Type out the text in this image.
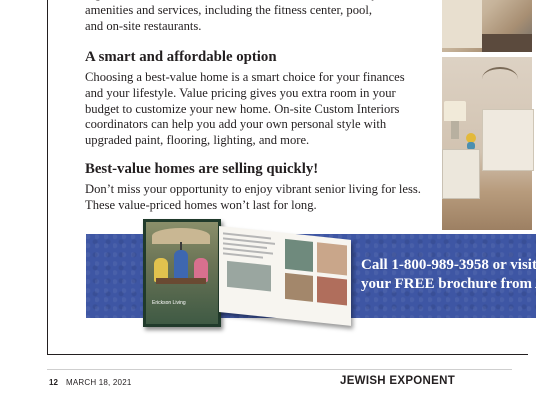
amenities and services, including the fitness center, pool,
and on-site restaurants.

A smart and affordable option

Choosing a best-value home is a smart choice for your finances and your lifestyle. Value pricing gives you extra room in your budget to customize your new home. On-site Custom Interiors coordinators can help you add your own personal style with upgraded paint, flooring, lighting, and more.

Best-value homes are selling quickly!

Don’t miss your opportunity to enjoy vibrant senior living for less. These value-priced homes won’t last for long.

Erickson Living
Call 1-800-989-3958 or visit S
your FREE brochure from An
12 MARCH 18, 2021	JEWISH EXPONENT
